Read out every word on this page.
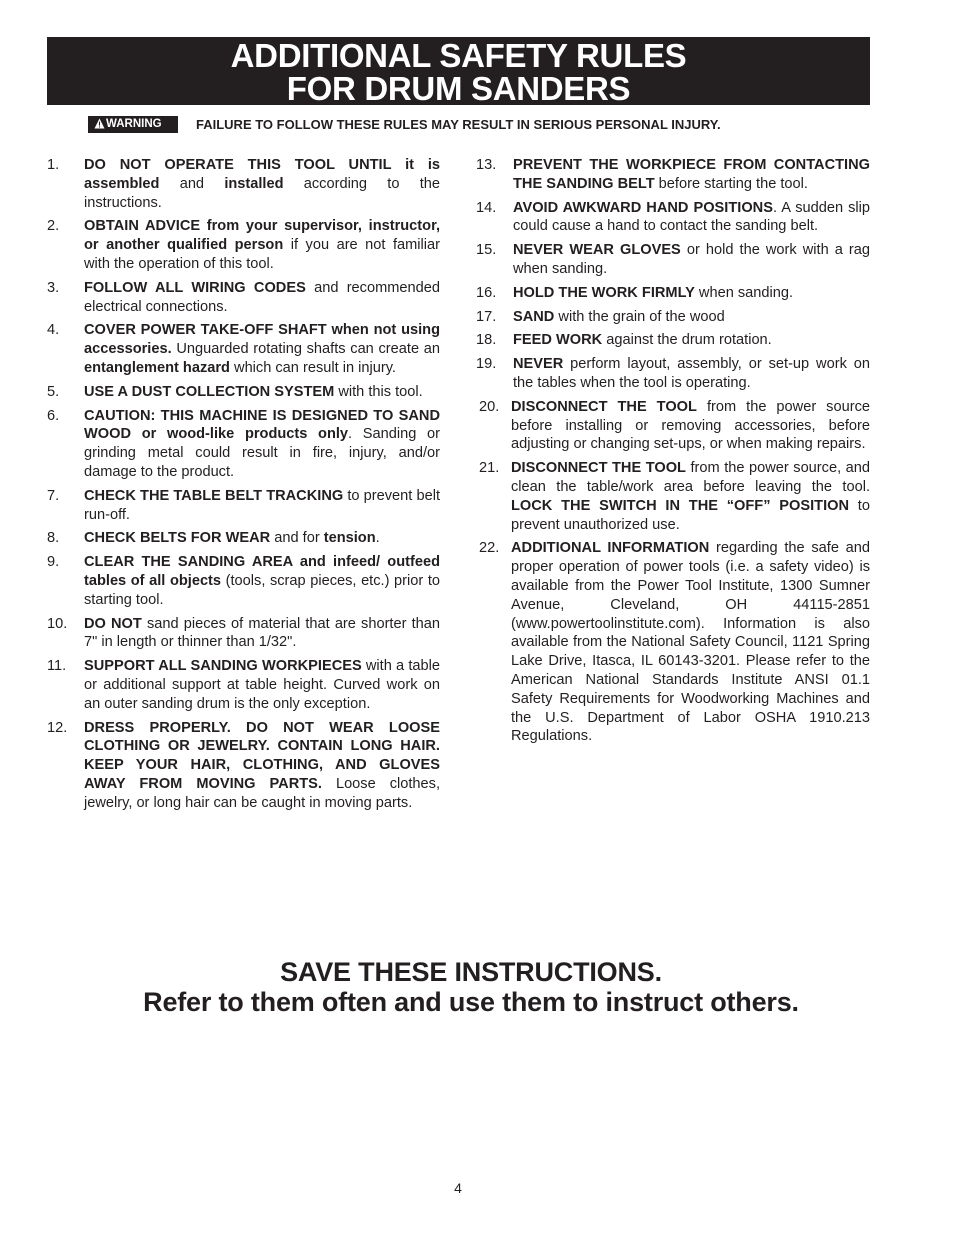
ADDITIONAL SAFETY RULES
FOR DRUM SANDERS
WARNING	FAILURE TO FOLLOW THESE RULES MAY RESULT IN SERIOUS PERSONAL INJURY.
1. DO NOT OPERATE THIS TOOL UNTIL it is assembled and installed according to the instructions.
2. OBTAIN ADVICE from your supervisor, instructor, or another qualified person if you are not familiar with the operation of this tool.
3. FOLLOW ALL WIRING CODES and recommended electrical connections.
4. COVER POWER TAKE-OFF SHAFT when not using accessories. Unguarded rotating shafts can create an entanglement hazard which can result in injury.
5. USE A DUST COLLECTION SYSTEM with this tool.
6. CAUTION: THIS MACHINE IS DESIGNED TO SAND WOOD or wood-like products only. Sanding or grinding metal could result in fire, injury, and/or damage to the product.
7. CHECK THE TABLE BELT TRACKING to prevent belt run-off.
8. CHECK BELTS FOR WEAR and for tension.
9. CLEAR THE SANDING AREA and infeed/ outfeed tables of all objects (tools, scrap pieces, etc.) prior to starting tool.
10. DO NOT sand pieces of material that are shorter than 7" in length or thinner than 1/32".
11. SUPPORT ALL SANDING WORKPIECES with a table or additional support at table height. Curved work on an outer sanding drum is the only exception.
12. DRESS PROPERLY. DO NOT WEAR LOOSE CLOTHING OR JEWELRY. CONTAIN LONG HAIR. KEEP YOUR HAIR, CLOTHING, AND GLOVES AWAY FROM MOVING PARTS. Loose clothes, jewelry, or long hair can be caught in moving parts.
13. PREVENT THE WORKPIECE FROM CONTACTING THE SANDING BELT before starting the tool.
14. AVOID AWKWARD HAND POSITIONS. A sudden slip could cause a hand to contact the sanding belt.
15. NEVER WEAR GLOVES or hold the work with a rag when sanding.
16. HOLD THE WORK FIRMLY when sanding.
17. SAND with the grain of the wood
18. FEED WORK against the drum rotation.
19. NEVER perform layout, assembly, or set-up work on the tables when the tool is operating.
20. DISCONNECT THE TOOL from the power source before installing or removing accessories, before adjusting or changing set-ups, or when making repairs.
21. DISCONNECT THE TOOL from the power source, and clean the table/work area before leaving the tool. LOCK THE SWITCH IN THE “OFF” POSITION to prevent unauthorized use.
22. ADDITIONAL INFORMATION regarding the safe and proper operation of power tools (i.e. a safety video) is available from the Power Tool Institute, 1300 Sumner Avenue, Cleveland, OH 44115-2851 (www.powertoolinstitute.com). Information is also available from the National Safety Council, 1121 Spring Lake Drive, Itasca, IL 60143-3201. Please refer to the American National Standards Institute ANSI 01.1 Safety Requirements for Woodworking Machines and the U.S. Department of Labor OSHA 1910.213 Regulations.
SAVE THESE INSTRUCTIONS.
Refer to them often and use them to instruct others.
4
